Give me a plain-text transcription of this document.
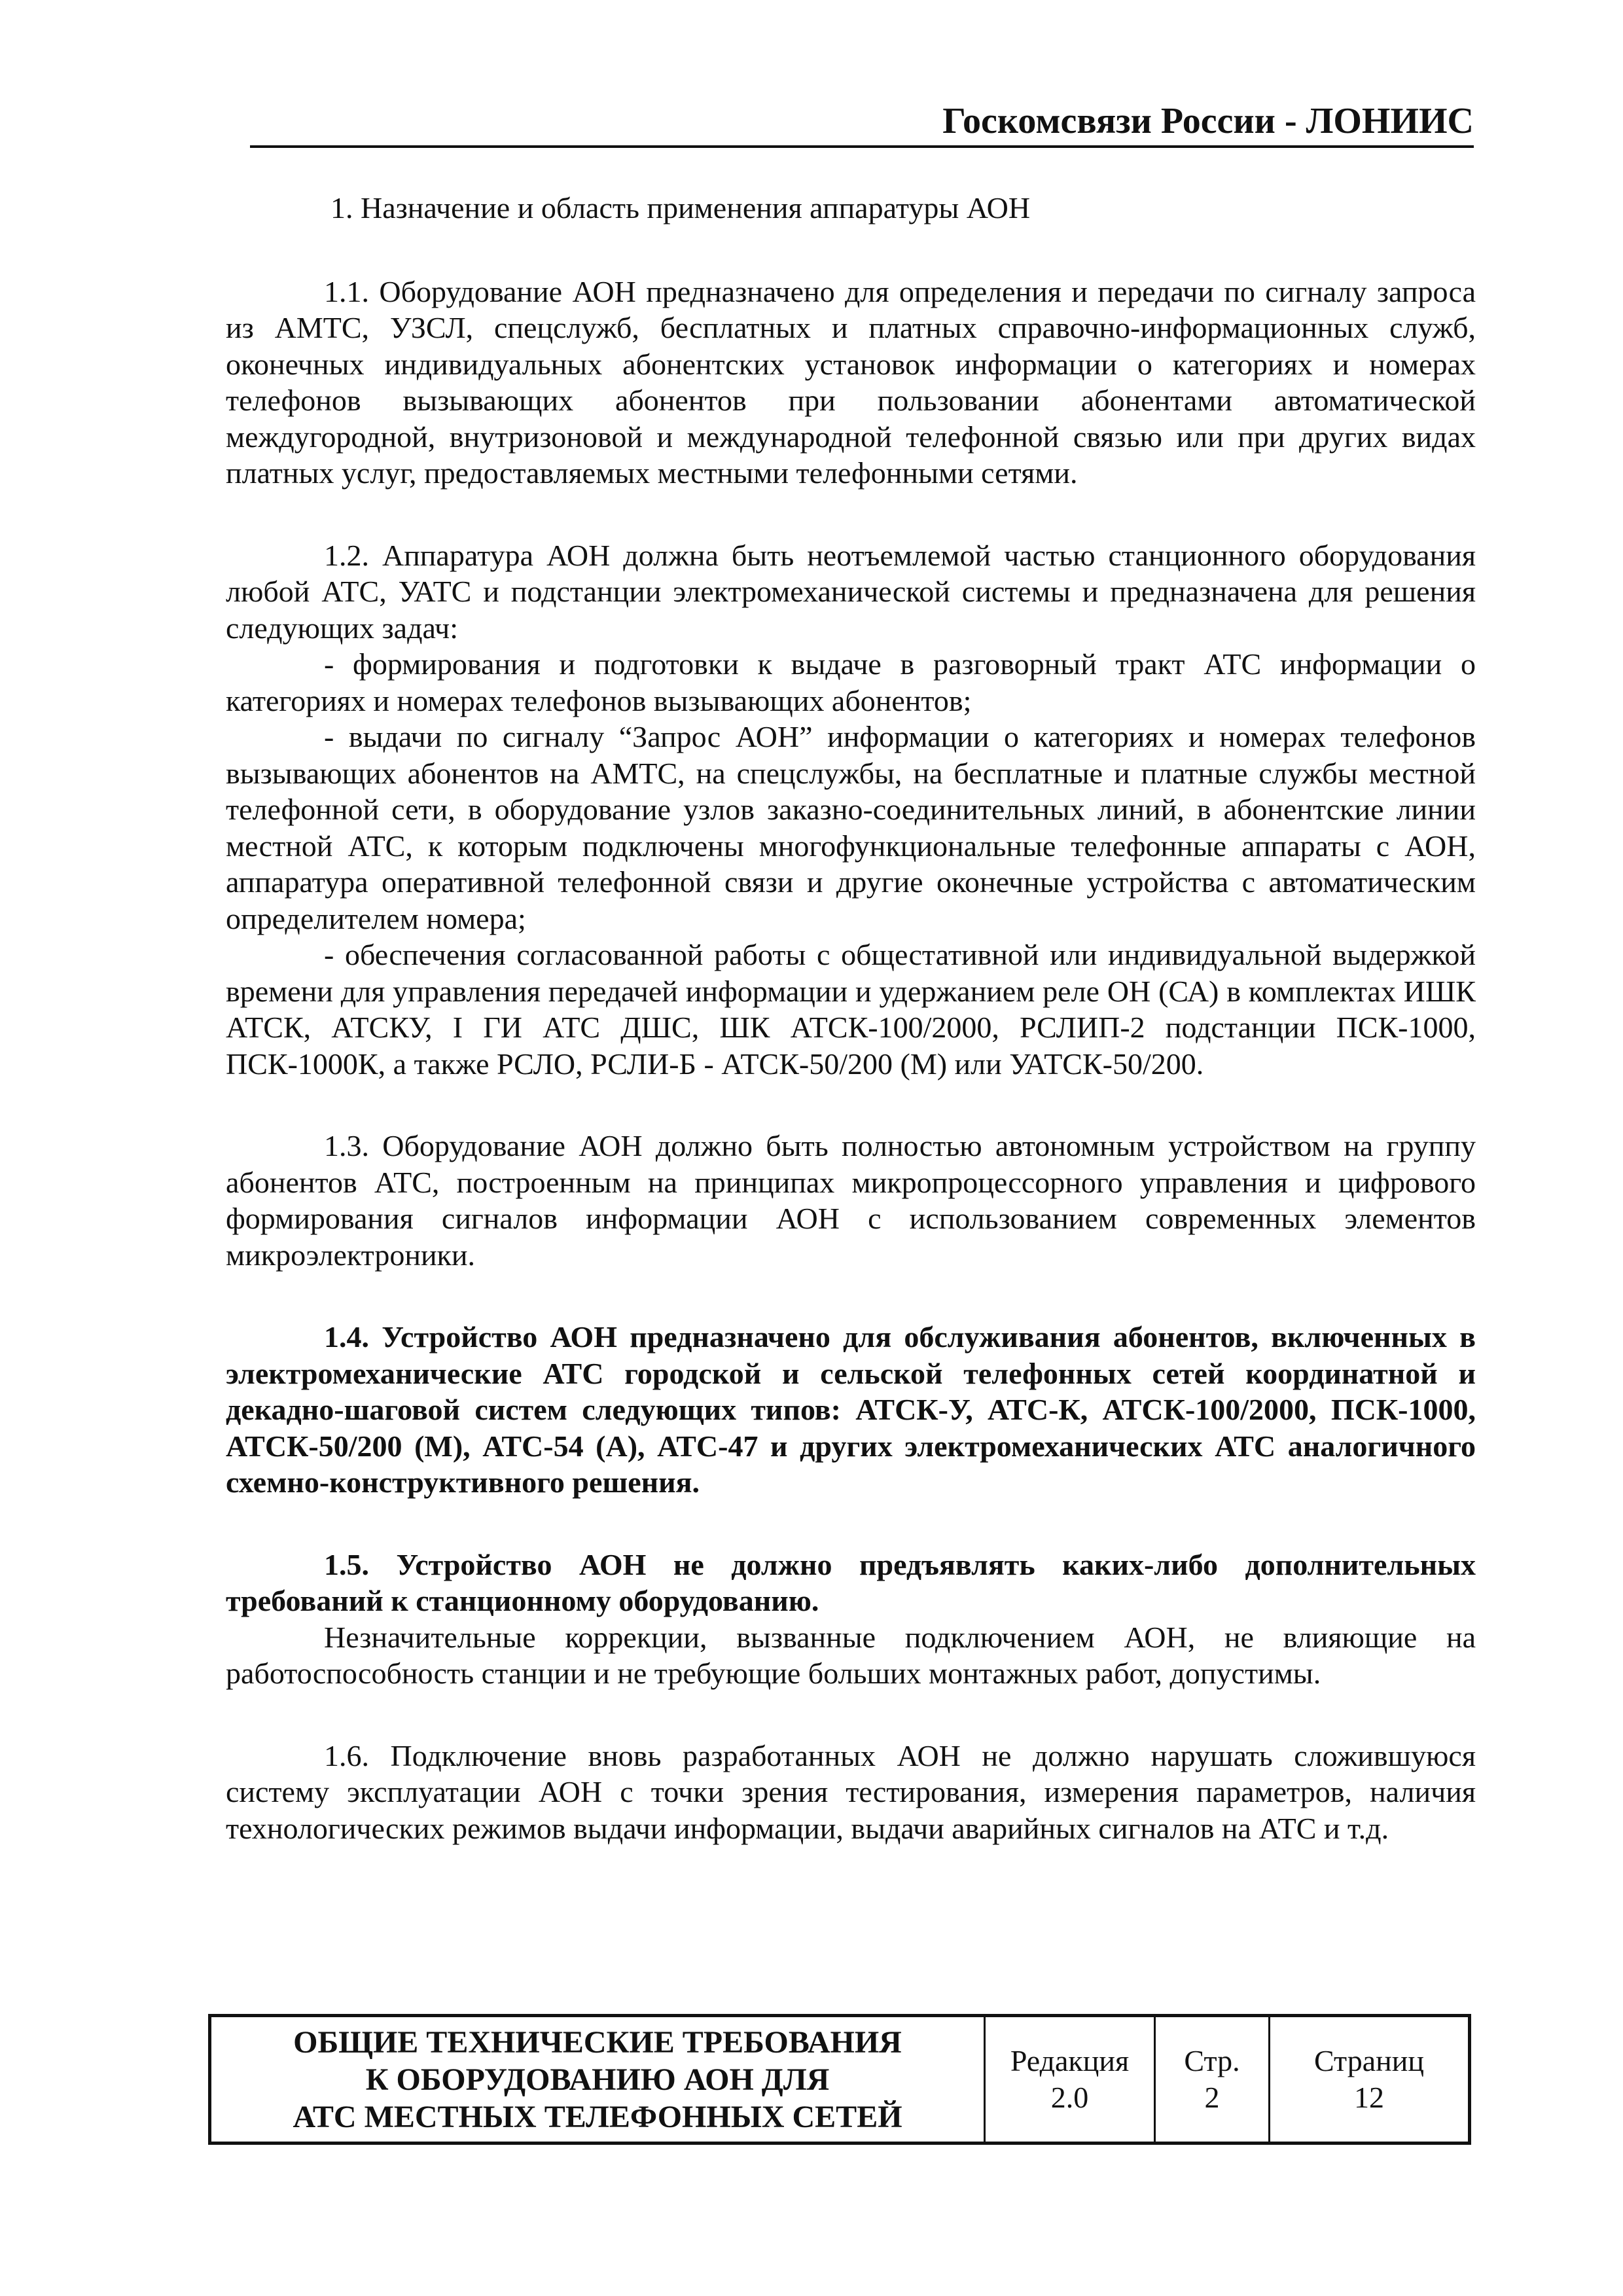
Госкомсвязи России - ЛОНИИС

1. Назначение и область применения аппаратуры АОН

1.1. Оборудование АОН предназначено для определения и передачи по сигналу запроса из АМТС, УЗСЛ, спецслужб, бесплатных и платных справочно-информационных служб, оконечных индивидуальных абонентских установок информации о категориях и номерах телефонов вызывающих абонентов при пользовании абонентами автоматической междугородной, внутризоновой и международной телефонной связью или при других видах платных услуг, предоставляемых местными телефонными сетями.

1.2. Аппаратура АОН должна быть неотъемлемой частью станционного оборудования любой АТС, УАТС и подстанции электромеханической системы и предназначена для решения следующих задач:

- формирования и подготовки к выдаче в разговорный тракт АТС информации о категориях и номерах телефонов вызывающих абонентов;

- выдачи по сигналу “Запрос АОН” информации о категориях и номерах телефонов вызывающих абонентов на АМТС, на спецслужбы, на бесплатные и платные службы местной телефонной сети, в оборудование узлов заказно-соединительных линий, в абонентские линии местной АТС, к которым подключены многофункциональные телефонные аппараты с АОН, аппаратура оперативной телефонной связи и другие оконечные устройства с автоматическим определителем номера;

- обеспечения согласованной работы с общестативной или индивидуальной выдержкой времени для управления передачей информации и удержанием реле ОН (СА) в комплектах ИШК АТСК, АТСКУ, I ГИ АТС ДШС, ШК АТСК-100/2000, РСЛИП-2 подстанции ПСК-1000, ПСК-1000К, а также РСЛО, РСЛИ-Б - АТСК-50/200 (М) или УАТСК-50/200.

1.3. Оборудование АОН должно быть полностью автономным устройством на группу абонентов АТС, построенным на принципах микропроцессорного управления и цифрового формирования сигналов информации АОН с использованием современных элементов микроэлектроники.

1.4. Устройство АОН предназначено для обслуживания абонентов, включенных в электромеханические АТС городской и сельской телефонных сетей координатной и декадно-шаговой систем следующих типов: АТСК-У, АТС-К, АТСК-100/2000, ПСК-1000, АТСК-50/200 (М), АТС-54 (А), АТС-47 и других электромеханических АТС аналогичного схемно-конструктивного решения.

1.5. Устройство АОН не должно предъявлять каких-либо дополнительных требований к станционному оборудованию.

Незначительные коррекции, вызванные подключением АОН, не влияющие на работоспособность станции и не требующие больших монтажных работ, допустимы.

1.6. Подключение вновь разработанных АОН не должно нарушать сложившуюся систему эксплуатации АОН с точки зрения тестирования, измерения параметров, наличия технологических режимов выдачи информации, выдачи аварийных сигналов на АТС и т.д.

ОБЩИЕ ТЕХНИЧЕСКИЕ ТРЕБОВАНИЯ
К ОБОРУДОВАНИЮ АОН ДЛЯ
АТС МЕСТНЫХ ТЕЛЕФОННЫХ СЕТЕЙ
Редакция
2.0
Стр.
2
Страниц
12
